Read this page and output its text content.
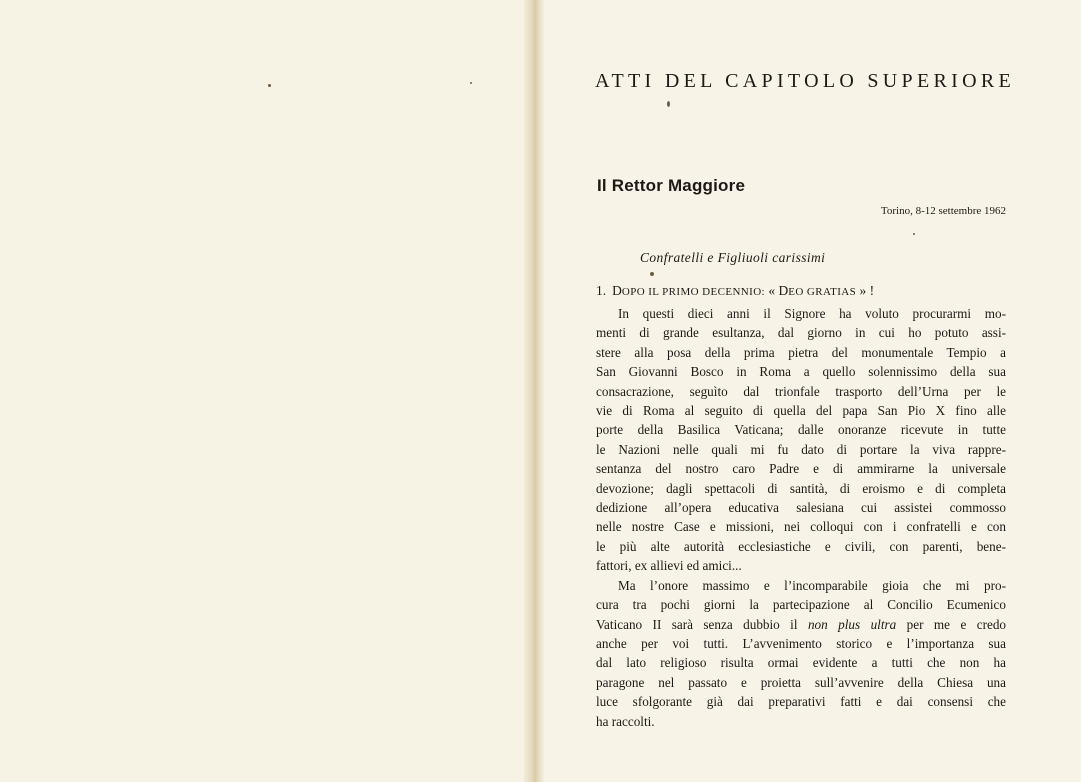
ATTI DEL CAPITOLO SUPERIORE
Il Rettor Maggiore
Torino, 8-12 settembre 1962
Confratelli e Figliuoli carissimi
1. DOPO IL PRIMO DECENNIO: « DEO GRATIAS » !
In questi dieci anni il Signore ha voluto procurarmi mo-
menti di grande esultanza, dal giorno in cui ho potuto assi-
stere alla posa della prima pietra del monumentale Tempio a
San Giovanni Bosco in Roma a quello solennissimo della sua
consacrazione, seguìto dal trionfale trasporto dell’Urna per le
vie di Roma al seguito di quella del papa San Pio X fino alle
porte della Basilica Vaticana; dalle onoranze ricevute in tutte
le Nazioni nelle quali mi fu dato di portare la viva rappre-
sentanza del nostro caro Padre e di ammirarne la universale
devozione; dagli spettacoli di santità, di eroismo e di completa
dedizione all’opera educativa salesiana cui assistei commosso
nelle nostre Case e missioni, nei colloqui con i confratelli e con
le più alte autorità ecclesiastiche e civili, con parenti, bene-
fattori, ex allievi ed amici...
Ma l’onore massimo e l’incomparabile gioia che mi pro-
cura tra pochi giorni la partecipazione al Concilio Ecumenico
Vaticano II sarà senza dubbio il non plus ultra per me e credo
anche per voi tutti. L’avvenimento storico e l’importanza sua
dal lato religioso risulta ormai evidente a tutti che non ha
paragone nel passato e proietta sull’avvenire della Chiesa una
luce sfolgorante già dai preparativi fatti e dai consensi che
ha raccolti.
